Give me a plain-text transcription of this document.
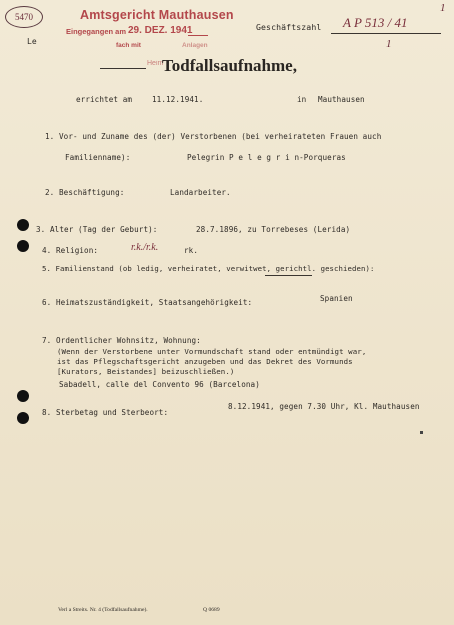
5470
1
Le
Amtsgericht Mauthausen
Eingegangen am 29. DEZ. 1941
fach mit	Anlagen
Geschäftszahl A P 513 / 41
1
Heim
Todfallsaufnahme,
errichtet am	11.12.1941.	in Mauthausen
1. Vor- und Zuname des (der) Verstorbenen (bei verheirateten Frauen auch
Familienname):	Pelegrin P e l e g r i n-Porqueras
2. Beschäftigung:	Landarbeiter.
3. Alter (Tag der Geburt):	28.7.1896, zu Torrebeses (Lerida)
4. Religion:	r.k./r.k.	rk.
5. Familienstand (ob ledig, verheiratet, verwitwet, gerichtl. geschieden):
6. Heimatszuständigkeit, Staatsangehörigkeit:	Spanien
7. Ordentlicher Wohnsitz, Wohnung:
(Wenn der Verstorbene unter Vormundschaft stand oder entmündigt war,
ist das Pflegschaftsgericht anzugeben und das Dekret des Vormunds
[Kurators, Beistandes] beizuschließen.)
Sabadell, calle del Convento 96 (Barcelona)
8. Sterbetag und Sterbeort:
8.12.1941, gegen 7.30 Uhr, Kl. Mauthausen
Verl a Streits. Nr. 4 (Todfallsaufnahme).	Q 0689
